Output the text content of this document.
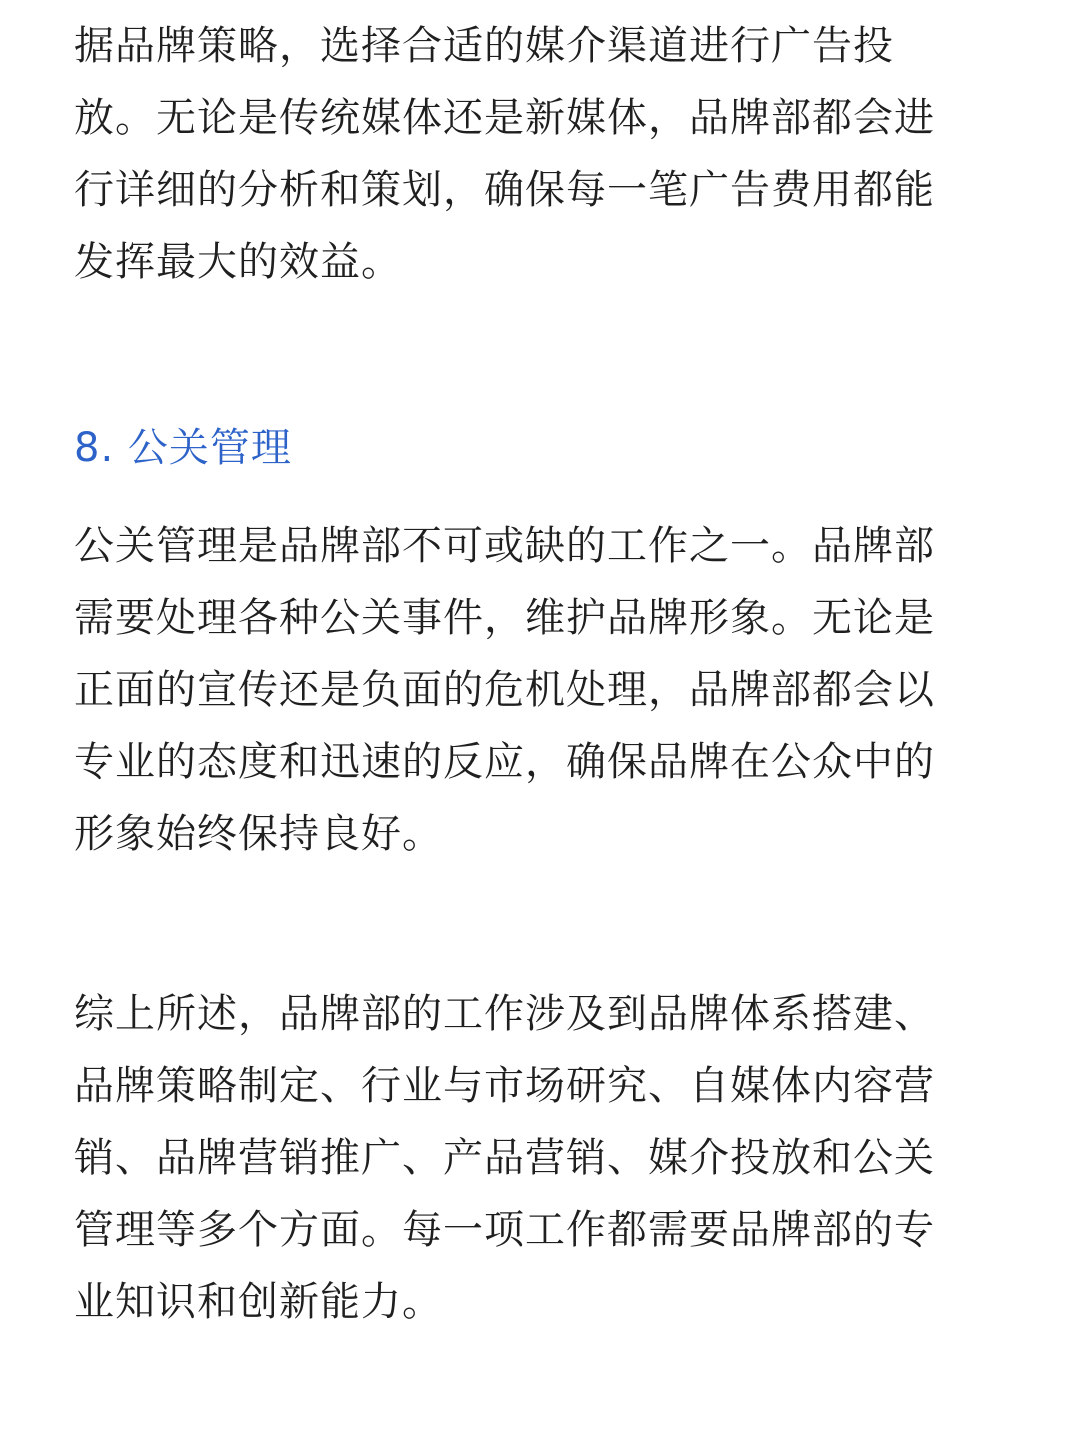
据品牌策略，选择合适的媒介渠道进行广告投
放。无论是传统媒体还是新媒体，品牌部都会进
行详细的分析和策划，确保每一笔广告费用都能
发挥最大的效益。

8. 公关管理

公关管理是品牌部不可或缺的工作之一。品牌部
需要处理各种公关事件，维护品牌形象。无论是
正面的宣传还是负面的危机处理，品牌部都会以
专业的态度和迅速的反应，确保品牌在公众中的
形象始终保持良好。

综上所述，品牌部的工作涉及到品牌体系搭建、
品牌策略制定、行业与市场研究、自媒体内容营
销、品牌营销推广、产品营销、媒介投放和公关
管理等多个方面。每一项工作都需要品牌部的专
业知识和创新能力。
